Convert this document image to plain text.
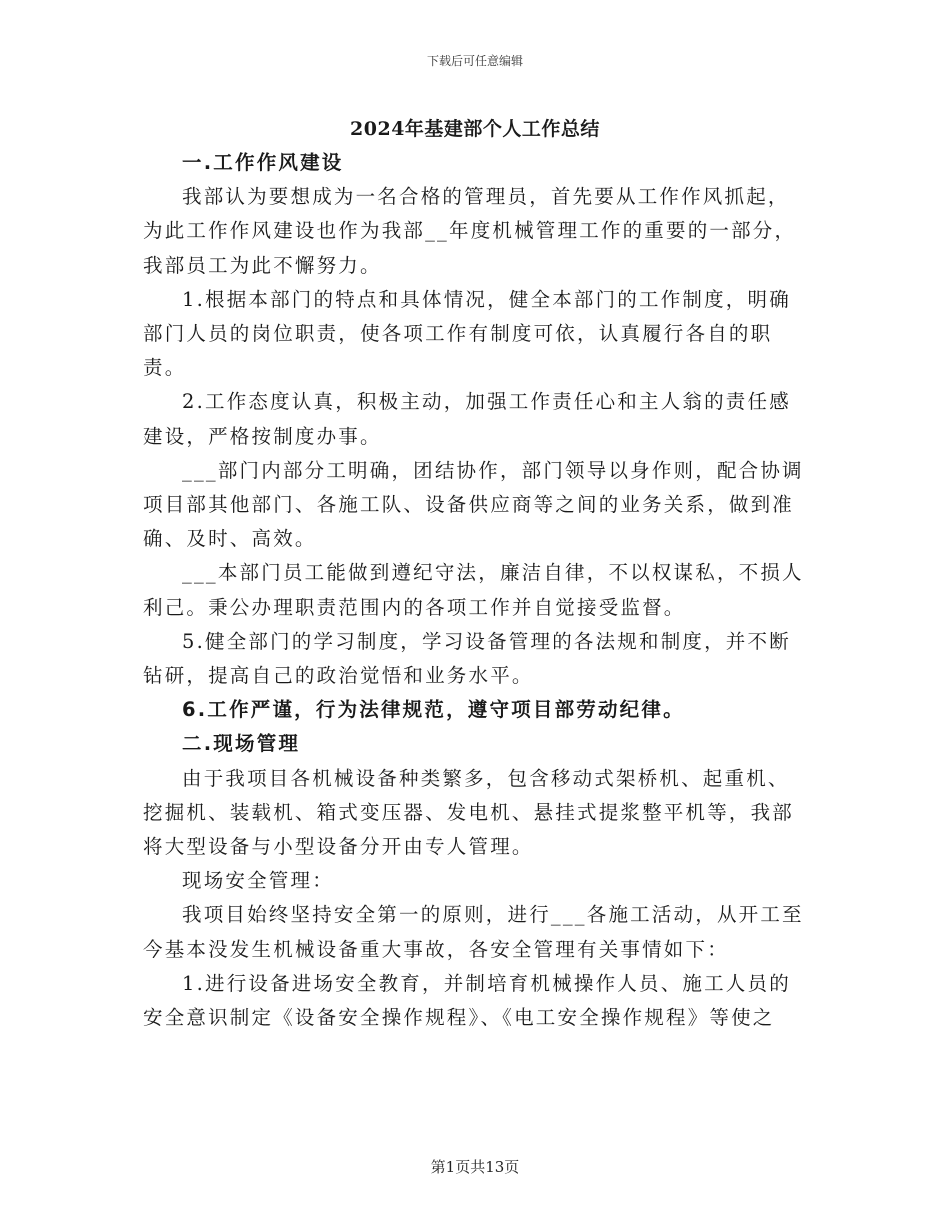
下载后可任意编辑
2024年基建部个人工作总结

一.工作作风建设

我部认为要想成为一名合格的管理员，首先要从工作作风抓起，为此工作作风建设也作为我部__年度机械管理工作的重要的一部分，我部员工为此不懈努力。

1.根据本部门的特点和具体情况，健全本部门的工作制度，明确部门人员的岗位职责，使各项工作有制度可依，认真履行各自的职责。

2.工作态度认真，积极主动，加强工作责任心和主人翁的责任感建设，严格按制度办事。

___部门内部分工明确，团结协作，部门领导以身作则，配合协调项目部其他部门、各施工队、设备供应商等之间的业务关系，做到准确、及时、高效。

___本部门员工能做到遵纪守法，廉洁自律，不以权谋私，不损人利己。秉公办理职责范围内的各项工作并自觉接受监督。

5.健全部门的学习制度，学习设备管理的各法规和制度，并不断钻研，提高自己的政治觉悟和业务水平。

6.工作严谨，行为法律规范，遵守项目部劳动纪律。

二.现场管理

由于我项目各机械设备种类繁多，包含移动式架桥机、起重机、挖掘机、装载机、箱式变压器、发电机、悬挂式提浆整平机等，我部将大型设备与小型设备分开由专人管理。

现场安全管理：

我项目始终坚持安全第一的原则，进行___各施工活动，从开工至今基本没发生机械设备重大事故，各安全管理有关事情如下：

1.进行设备进场安全教育，并制培育机械操作人员、施工人员的安全意识制定《设备安全操作规程》、《电工安全操作规程》等使之

第1页共13页
